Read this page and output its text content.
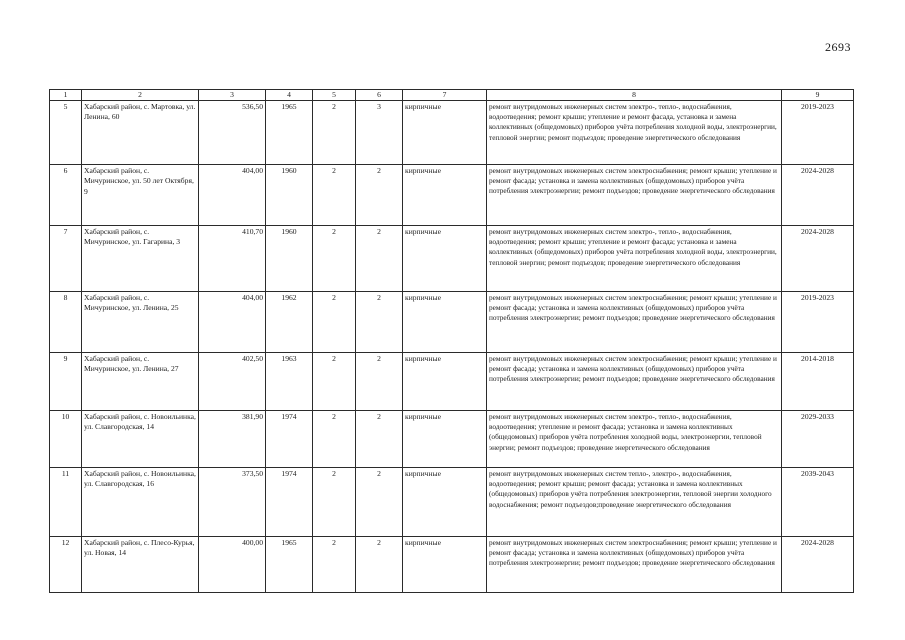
2693
1	2	3	4	5	6	7	8	9
5	Хабарский район, с. Мартовка, ул. Ленина, 60	536,50	1965	2	3	кирпичные	ремонт внутридомовых инженерных систем электро-, тепло-, водоснабжения, водоотведения; ремонт крыши; утепление и ремонт фасада, установка и замена коллективных (общедомовых) приборов учёта потребления холодной воды, электроэнергии, тепловой энергии; ремонт подъездов; проведение энергетического обследования	2019-2023
6	Хабарский район, с. Мичуринское, ул. 50 лет Октября, 9	404,00	1960	2	2	кирпичные	ремонт внутридомовых инженерных систем электроснабжения; ремонт крыши; утепление и ремонт фасада; установка и замена коллективных (общедомовых) приборов учёта потребления электроэнергии; ремонт подъездов; проведение энергетического обследования	2024-2028
7	Хабарский район, с. Мичуринское, ул. Гагарина, 3	410,70	1960	2	2	кирпичные	ремонт внутридомовых инженерных систем электро-, тепло-, водоснабжения, водоотведения; ремонт крыши; утепление и ремонт фасада; установка и замена коллективных (общедомовых) приборов учёта потребления холодной воды, электроэнергии, тепловой энергии; ремонт подъездов; проведение энергетического обследования	2024-2028
8	Хабарский район, с. Мичуринское, ул. Ленина, 25	404,00	1962	2	2	кирпичные	ремонт внутридомовых инженерных систем электроснабжения; ремонт крыши; утепление и ремонт фасада; установка и замена коллективных (общедомовых) приборов учёта потребления электроэнергии; ремонт подъездов; проведение энергетического обследования	2019-2023
9	Хабарский район, с. Мичуринское, ул. Ленина, 27	402,50	1963	2	2	кирпичные	ремонт внутридомовых инженерных систем электроснабжения; ремонт крыши; утепление и ремонт фасада; установка и замена коллективных (общедомовых) приборов учёта потребления электроэнергии; ремонт подъездов; проведение энергетического обследования	2014-2018
10	Хабарский район, с. Новоильинка, ул. Славгородская, 14	381,90	1974	2	2	кирпичные	ремонт внутридомовых инженерных систем электро-, тепло-, водоснабжения, водоотведения; утепление и ремонт фасада; установка и замена коллективных (общедомовых) приборов учёта потребления холодной воды, электроэнергии, тепловой энергии; ремонт подъездов; проведение энергетического обследования	2029-2033
11	Хабарский район, с. Новоильинка, ул. Славгородская, 16	373,50	1974	2	2	кирпичные	ремонт внутридомовых инженерных систем тепло-, электро-, водоснабжения, водоотведения; ремонт крыши; ремонт фасада; установка и замена коллективных (общедомовых) приборов учёта потребления электроэнергии, тепловой энергии холодного водоснабжения; ремонт подъездов;проведение энергетического обследования	2039-2043
12	Хабарский район, с. Плесо-Курья, ул. Новая, 14	400,00	1965	2	2	кирпичные	ремонт внутридомовых инженерных систем электроснабжения; ремонт крыши; утепление и ремонт фасада; установка и замена коллективных (общедомовых) приборов учёта потребления электроэнергии; ремонт подъездов; проведение энергетического обследования	2024-2028
